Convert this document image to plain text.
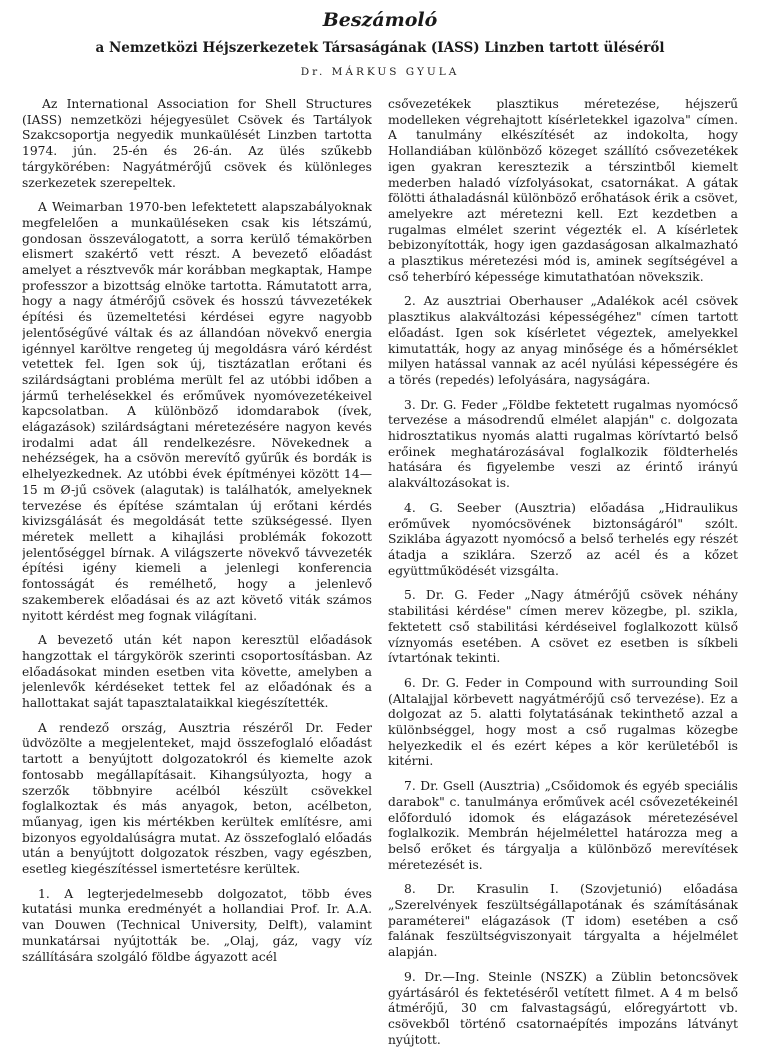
Beszámoló
a Nemzetközi Héjszerkezetek Társaságának (IASS) Linzben tartott üléséről
Dr. MÁRKUS GYULA

Az International Association for Shell Structures (IASS) nemzetközi héjegyesület Csövek és Tartályok Szakcsoportja negyedik munkaülését Linzben tartotta 1974. jún. 25-én és 26-án. Az ülés szűkebb tárgykörében: Nagyátmérőjű csövek és különleges szerkezetek szerepeltek.

A Weimarban 1970-ben lefektetett alapszabályoknak megfelelően a munkaüléseken csak kis létszámú, gondosan összeválogatott, a sorra kerülő témakörben elismert szakértő vett részt. A bevezető előadást amelyet a résztvevők már korábban megkaptak, Hampe professzor a bizottság elnöke tartotta. Rámutatott arra, hogy a nagy átmérőjű csövek és hosszú távvezetékek építési és üzemeltetési kérdései egyre nagyobb jelentőségűvé váltak és az állandóan növekvő energia igénnyel karöltve rengeteg új megoldásra váró kérdést vetettek fel. Igen sok új, tisztázatlan erőtani és szilárdságtani probléma merült fel az utóbbi időben a jármű terhelésekkel és erőművek nyomóvezetékeivel kapcsolatban. A különböző idomdarabok (ívek, elágazások) szilárdságtani méretezésére nagyon kevés irodalmi adat áll rendelkezésre. Növekednek a nehézségek, ha a csövön merevítő gyűrűk és bordák is elhelyezkednek. Az utóbbi évek építményei között 14—15 m Ø-jű csövek (alagutak) is találhatók, amelyeknek tervezése és építése számtalan új erőtani kérdés kivizsgálását és megoldását tette szükségessé. Ilyen méretek mellett a kihajlási problémák fokozott jelentőséggel bírnak. A világszerte növekvő távvezeték építési igény kiemeli a jelenlegi konferencia fontosságát és remélhető, hogy a jelenlevő szakemberek előadásai és az azt követő viták számos nyitott kérdést meg fognak világítani.

A bevezető után két napon keresztül előadások hangzottak el tárgykörök szerinti csoportosításban. Az előadásokat minden esetben vita követte, amelyben a jelenlevők kérdéseket tettek fel az előadónak és a hallottakat saját tapasztalataikkal kiegészítették.

A rendező ország, Ausztria részéről Dr. Feder üdvözölte a megjelenteket, majd összefoglaló előadást tartott a benyújtott dolgozatokról és kiemelte azok fontosabb megállapításait. Kihangsúlyozta, hogy a szerzők többnyire acélból készült csövekkel foglalkoztak és más anyagok, beton, acélbeton, műanyag, igen kis mértékben kerültek említésre, ami bizonyos egyoldalúságra mutat. Az összefoglaló előadás után a benyújtott dolgozatok részben, vagy egészben, esetleg kiegészítéssel ismertetésre kerültek.

1. A legterjedelmesebb dolgozatot, több éves kutatási munka eredményét a hollandiai Prof. Ir. A.A. van Douwen (Technical University, Delft), valamint munkatársai nyújtották be. „Olaj, gáz, vagy víz szállítására szolgáló földbe ágyazott acél

csővezetékek plasztikus méretezése, héjszerű modelleken végrehajtott kísérletekkel igazolva" címen. A tanulmány elkészítését az indokolta, hogy Hollandiában különböző közeget szállító csővezetékek igen gyakran keresztezik a térszintből kiemelt mederben haladó vízfolyásokat, csatornákat. A gátak fölötti áthaladásnál különböző erőhatások érik a csövet, amelyekre azt méretezni kell. Ezt kezdetben a rugalmas elmélet szerint végezték el. A kísérletek bebizonyították, hogy igen gazdaságosan alkalmazható a plasztikus méretezési mód is, aminek segítségével a cső teherbíró képessége kimutathatóan növekszik.

2. Az ausztriai Oberhauser „Adalékok acél csövek plasztikus alakváltozási képességéhez" címen tartott előadást. Igen sok kísérletet végeztek, amelyekkel kimutatták, hogy az anyag minősége és a hőmérséklet milyen hatással vannak az acél nyúlási képességére és a törés (repedés) lefolyására, nagyságára.

3. Dr. G. Feder „Földbe fektetett rugalmas nyomócső tervezése a másodrendű elmélet alapján" c. dolgozata hidrosztatikus nyomás alatti rugalmas körívtartó belső erőinek meghatározásával foglalkozik földterhelés hatására és figyelembe veszi az érintő irányú alakváltozásokat is.

4. G. Seeber (Ausztria) előadása „Hidraulikus erőművek nyomócsövének biztonságáról" szólt. Sziklába ágyazott nyomócső a belső terhelés egy részét átadja a sziklára. Szerző az acél és a kőzet együttműködését vizsgálta.

5. Dr. G. Feder „Nagy átmérőjű csövek néhány stabilitási kérdése" címen merev közegbe, pl. szikla, fektetett cső stabilitási kérdéseivel foglalkozott külső víznyomás esetében. A csövet ez esetben is síkbeli ívtartónak tekinti.

6. Dr. G. Feder in Compound with surrounding Soil (Altalajjal körbevett nagyátmérőjű cső tervezése). Ez a dolgozat az 5. alatti folytatásának tekinthető azzal a különbséggel, hogy most a cső rugalmas közegbe helyezkedik el és ezért képes a kör kerületéből is kitérni.

7. Dr. Gsell (Ausztria) „Csőidomok és egyéb speciális darabok" c. tanulmánya erőművek acél csővezetékeinél előforduló idomok és elágazások méretezésével foglalkozik. Membrán héjelmélettel határozza meg a belső erőket és tárgyalja a különböző merevítések méretezését is.

8. Dr. Krasulin I. (Szovjetunió) előadása „Szerelvények feszültségállapotának és számításának paraméterei" elágazások (T idom) esetében a cső falának feszültségviszonyait tárgyalta a héjelmélet alapján.

9. Dr.—Ing. Steinle (NSZK) a Züblin betoncsövek gyártásáról és fektetéséről vetített filmet. A 4 m belső átmérőjű, 30 cm falvastagságú, előregyártott vb. csövekből történő csatornaépítés impozáns látványt nyújtott.
